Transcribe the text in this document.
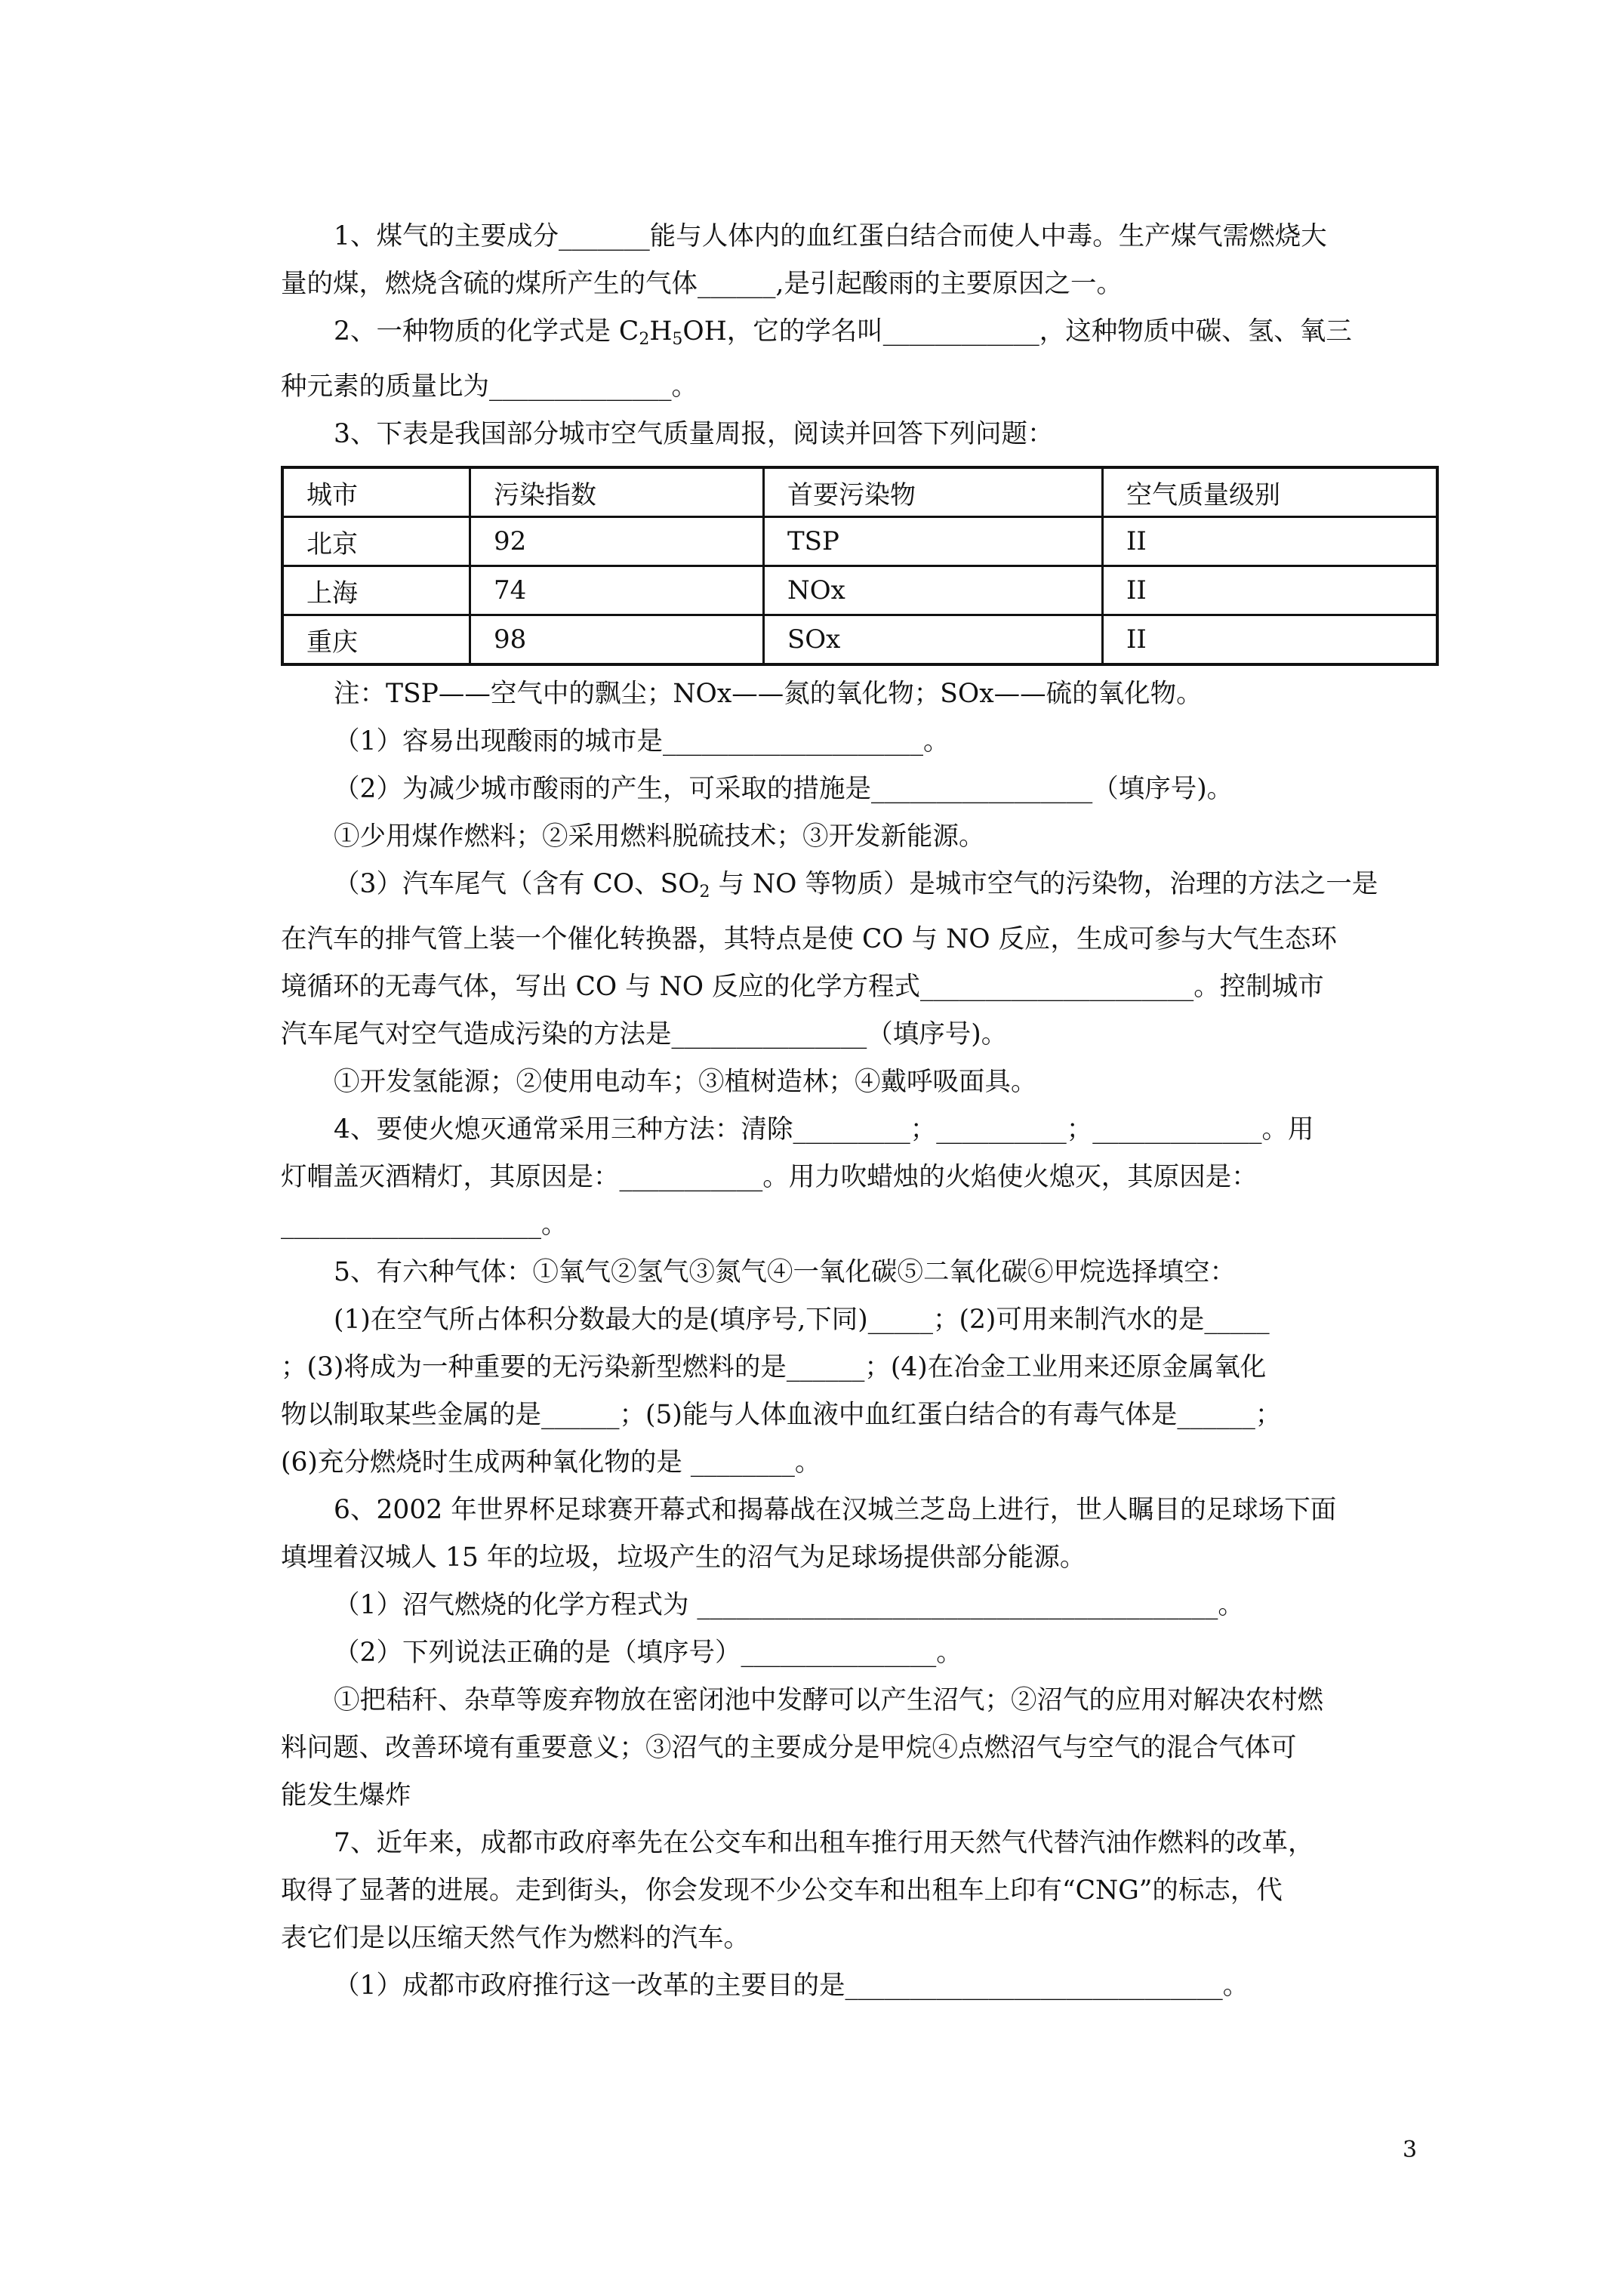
1、煤气的主要成分_______能与人体内的血红蛋白结合而使人中毒。生产煤气需燃烧大

量的煤，燃烧含硫的煤所产生的气体______,是引起酸雨的主要原因之一。

2、一种物质的化学式是 $C_2H_5OH$，它的学名叫____________，这种物质中碳、氢、氧三

种元素的质量比为______________。

3、下表是我国部分城市空气质量周报，阅读并回答下列问题：

城市	污染指数	首要污染物	空气质量级别
北京	92	TSP	II
上海	74	NOx	II
重庆	98	SOx	II

注：TSP——空气中的飘尘；NOx——氮的氧化物；SOx——硫的氧化物。

（1）容易出现酸雨的城市是____________________。

（2）为减少城市酸雨的产生，可采取的措施是_________________（填序号)。

①少用煤作燃料；②采用燃料脱硫技术；③开发新能源。

（3）汽车尾气（含有 CO、$SO_2$ 与 NO 等物质）是城市空气的污染物，治理的方法之一是

在汽车的排气管上装一个催化转换器，其特点是使 CO 与 NO 反应，生成可参与大气生态环

境循环的无毒气体，写出 CO 与 NO 反应的化学方程式_____________________。控制城市

汽车尾气对空气造成污染的方法是_______________（填序号)。

①开发氢能源；②使用电动车；③植树造林；④戴呼吸面具。

4、要使火熄灭通常采用三种方法：清除_________；__________；_____________。用

灯帽盖灭酒精灯，其原因是：___________。用力吹蜡烛的火焰使火熄灭，其原因是：

____________________。

5、有六种气体：①氧气②氢气③氮气④一氧化碳⑤二氧化碳⑥甲烷选择填空：

(1)在空气所占体积分数最大的是(填序号,下同)_____；(2)可用来制汽水的是_____

；(3)将成为一种重要的无污染新型燃料的是______；(4)在冶金工业用来还原金属氧化

物以制取某些金属的是______；(5)能与人体血液中血红蛋白结合的有毒气体是______；

(6)充分燃烧时生成两种氧化物的是 ________。

6、2002 年世界杯足球赛开幕式和揭幕战在汉城兰芝岛上进行，世人瞩目的足球场下面

填埋着汉城人 15 年的垃圾，垃圾产生的沼气为足球场提供部分能源。

（1）沼气燃烧的化学方程式为 ________________________________________。

（2）下列说法正确的是（填序号）_______________。

①把秸秆、杂草等废弃物放在密闭池中发酵可以产生沼气；②沼气的应用对解决农村燃

料问题、改善环境有重要意义；③沼气的主要成分是甲烷④点燃沼气与空气的混合气体可

能发生爆炸

7、近年来，成都市政府率先在公交车和出租车推行用天然气代替汽油作燃料的改革，

取得了显著的进展。走到街头，你会发现不少公交车和出租车上印有“CNG”的标志，代

表它们是以压缩天然气作为燃料的汽车。

（1）成都市政府推行这一改革的主要目的是_____________________________。

3
